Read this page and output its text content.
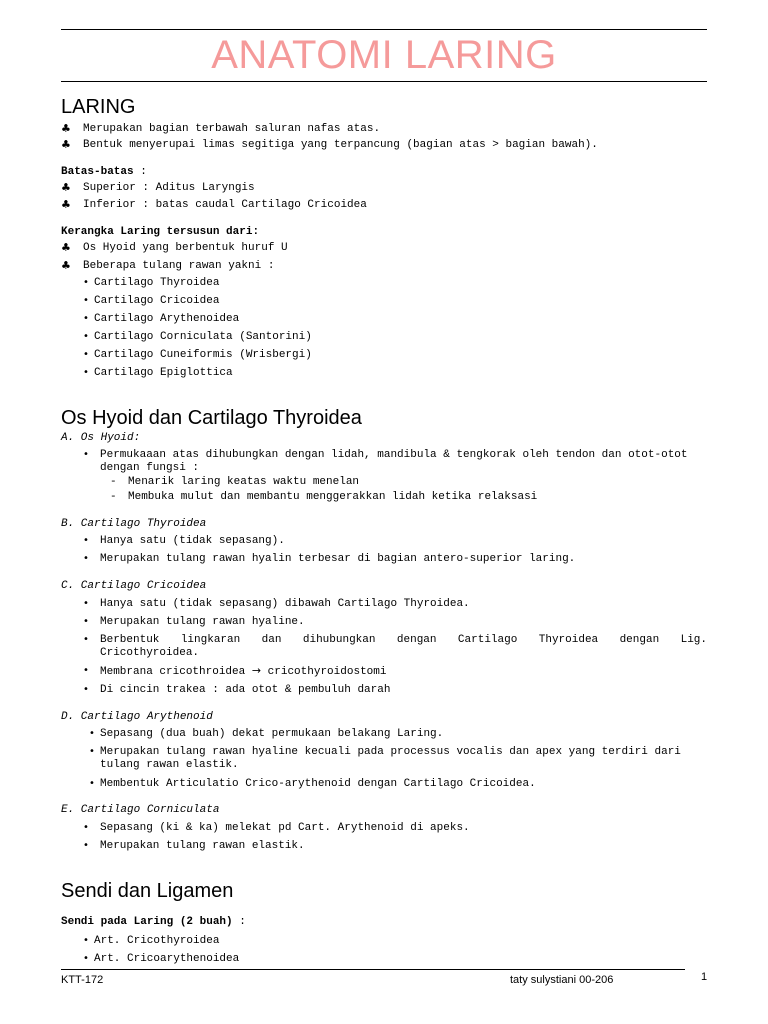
ANATOMI LARING
LARING
♣ Merupakan bagian terbawah saluran nafas atas.
♣ Bentuk menyerupai limas segitiga yang terpancung (bagian atas > bagian bawah).
Batas-batas :
♣ Superior : Aditus Laryngis
♣ Inferior : batas caudal Cartilago Cricoidea
Kerangka Laring tersusun dari:
♣ Os Hyoid yang berbentuk huruf U
♣ Beberapa tulang rawan yakni :
• Cartilago Thyroidea
• Cartilago Cricoidea
• Cartilago Arythenoidea
• Cartilago Corniculata (Santorini)
• Cartilago Cuneiformis (Wrisbergi)
• Cartilago Epiglottica
Os Hyoid dan Cartilago Thyroidea
A. Os Hyoid:
• Permukaaan atas dihubungkan dengan lidah, mandibula & tengkorak oleh tendon dan otot-otot
dengan fungsi :
- Menarik laring keatas waktu menelan
- Membuka mulut dan membantu menggerakkan lidah ketika relaksasi
B. Cartilago Thyroidea
• Hanya satu (tidak sepasang).
• Merupakan tulang rawan hyalin terbesar di bagian antero-superior laring.
C. Cartilago Cricoidea
• Hanya satu (tidak sepasang) dibawah Cartilago Thyroidea.
• Merupakan tulang rawan hyaline.
• Berbentuk lingkaran dan dihubungkan dengan Cartilago Thyroidea dengan Lig.
Cricothyroidea.
• Membrana cricothroidea → cricothyroidostomi
• Di cincin trakea : ada otot & pembuluh darah
D. Cartilago Arythenoid
• Sepasang (dua buah) dekat permukaan belakang Laring.
• Merupakan tulang rawan hyaline kecuali pada processus vocalis dan apex yang terdiri dari
tulang rawan elastik.
• Membentuk Articulatio Crico-arythenoid dengan Cartilago Cricoidea.
E. Cartilago Corniculata
• Sepasang (ki & ka) melekat pd Cart. Arythenoid di apeks.
• Merupakan tulang rawan elastik.
Sendi dan Ligamen
Sendi pada Laring (2 buah) :
• Art. Cricothyroidea
• Art. Cricoarythenoidea
KTT-172	taty sulystiani 00-206	1
